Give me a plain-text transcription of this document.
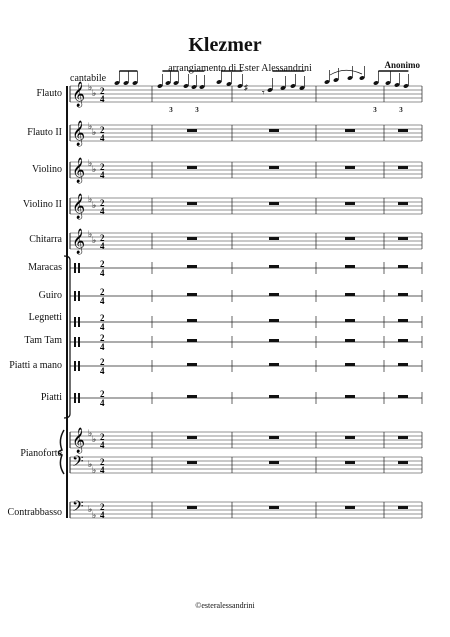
Klezmer
arrangiamento di Ester Alessandrini	Anonimo
cantabile
©esteralessandrini
𝄞 ♭
♭ 2
4
𝄞 ♭
♭ 2
4
𝄞 ♭
♭ 2
4
𝄞 ♭
♭ 2
4
𝄞 ♭
♭ 2
4
2
4
2
4
2
4
2
4
2
4
2
4
𝄞 ♭
♭ 2
4
𝄢 ♭
♭
2
4
𝄢 ♭
♭
2
4
Flauto
Flauto II
Violino
Violino II
Chitarra
Maracas
Guiro
Legnetti
Tam Tam
Piatti a mano
Piatti
Contrabbasso
Pianoforte
3	3	3	3
♯
𝄾
